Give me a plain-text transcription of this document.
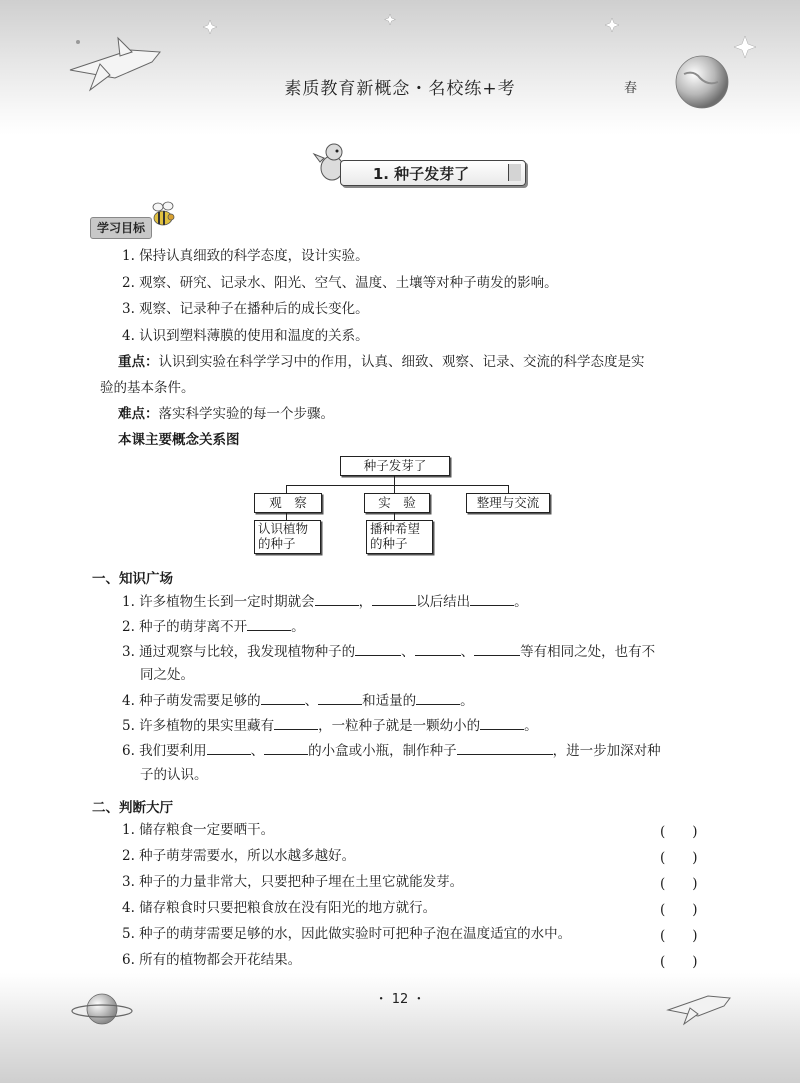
素质教育新概念・名校练+考	春
1. 种子发芽了
学习目标
1. 保持认真细致的科学态度，设计实验。
2. 观察、研究、记录水、阳光、空气、温度、土壤等对种子萌发的影响。
3. 观察、记录种子在播种后的成长变化。
4. 认识到塑料薄膜的使用和温度的关系。
重点：认识到实验在科学学习中的作用，认真、细致、观察、记录、交流的科学态度是实
验的基本条件。
难点：落实科学实验的每一个步骤。
本课主要概念关系图
种子发芽了
观　察	实　验	整理与交流
认识植物
的种子
播种希望
的种子
一、知识广场
1. 许多植物生长到一定时期就会	，	以后结出	。
2. 种子的萌芽离不开	。
3. 通过观察与比较，我发现植物种子的	、	、	等有相同之处，也有不
同之处。
4. 种子萌发需要足够的	、	和适量的	。
5. 许多植物的果实里藏有	，一粒种子就是一颗幼小的	。
6. 我们要利用	、	的小盒或小瓶，制作种子	，进一步加深对种
子的认识。
二、判断大厅
1. 储存粮食一定要晒干。	(　　)
2. 种子萌芽需要水，所以水越多越好。	(　　)
3. 种子的力量非常大，只要把种子埋在土里它就能发芽。	(　　)
4. 储存粮食时只要把粮食放在没有阳光的地方就行。	(　　)
5. 种子的萌芽需要足够的水，因此做实验时可把种子泡在温度适宜的水中。	(　　)
6. 所有的植物都会开花结果。	(　　)
・ 12 ・
